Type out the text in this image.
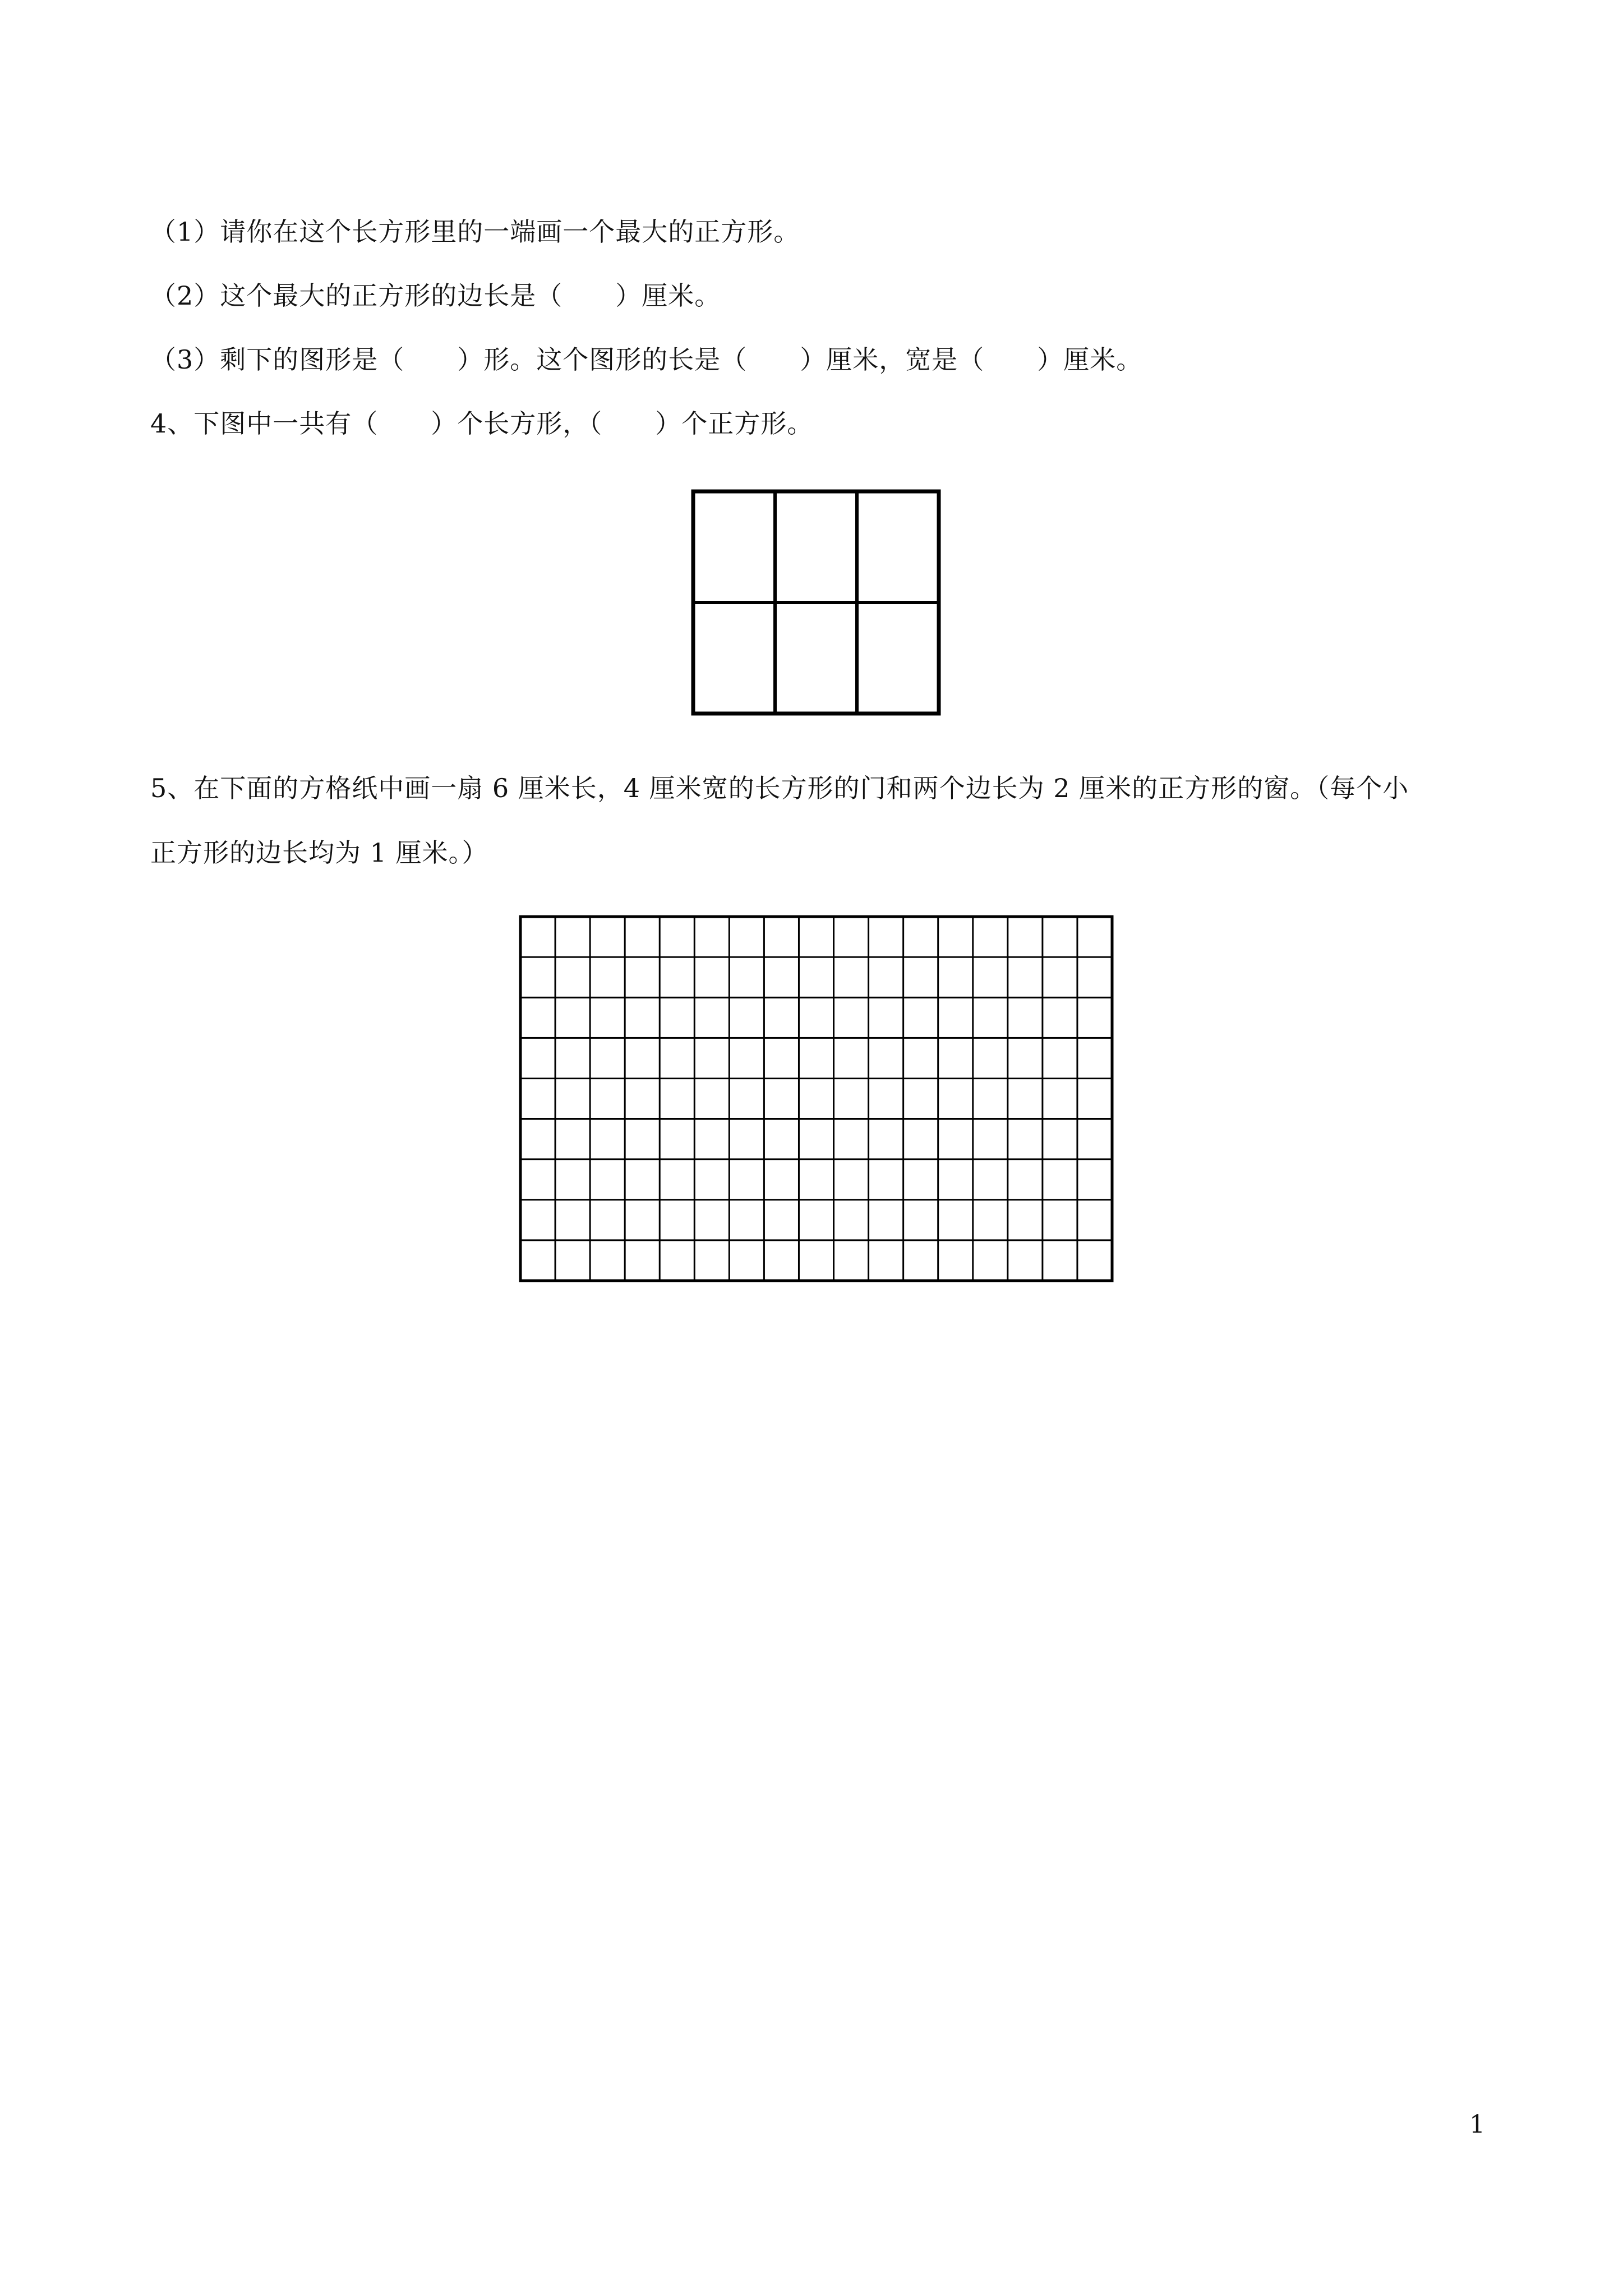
（1）请你在这个长方形里的一端画一个最大的正方形。
（2）这个最大的正方形的边长是（　　）厘米。
（3）剩下的图形是（　　）形。这个图形的长是（　　）厘米，宽是（　　）厘米。
4、下图中一共有（　　）个长方形，（　　）个正方形。
5、在下面的方格纸中画一扇 6 厘米长，4 厘米宽的长方形的门和两个边长为 2 厘米的正方形的窗。（每个小
正方形的边长均为 1 厘米。）
1
